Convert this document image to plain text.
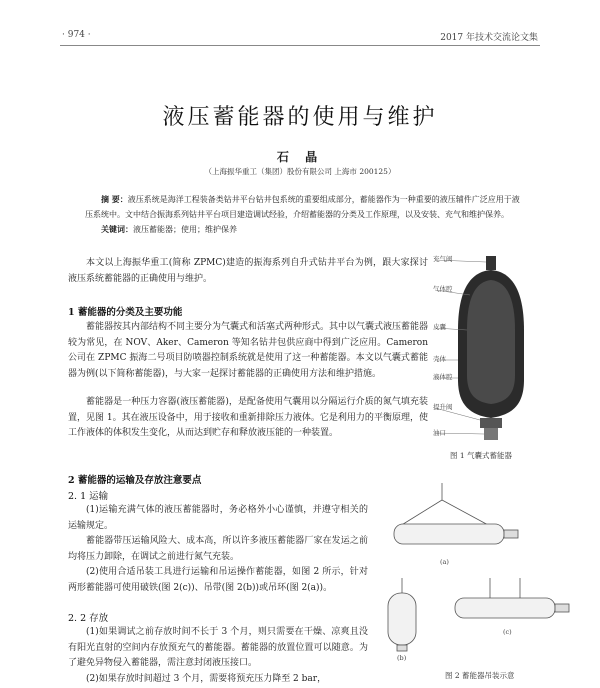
· 974 ·	2017 年技术交流论文集
液压蓄能器的使用与维护
石 晶
（上海振华重工（集团）股份有限公司 上海市 200125）
摘 要：液压系统是海洋工程装备类钻井平台钻井包系统的重要组成部分，蓄能器作为一种重要的液压辅件广泛应用于液压系统中。文中结合振海系列钻井平台项目建造调试经验，介绍蓄能器的分类及工作原理，以及安装、充气和维护保养。
关键词：液压蓄能器；使用；维护保养
本文以上海振华重工(简称 ZPMC)建造的振海系列自升式钻井平台为例，跟大家探讨液压系统蓄能器的正确使用与维护。
1 蓄能器的分类及主要功能
蓄能器按其内部结构不同主要分为气囊式和活塞式两种形式。其中以气囊式液压蓄能器较为常见，在 NOV、Aker、Cameron 等知名钻井包供应商中得到广泛应用。Cameron 公司在 ZPMC 振海二号项目防喷器控制系统就是使用了这一种蓄能器。本文以气囊式蓄能器为例(以下简称蓄能器)，与大家一起探讨蓄能器的正确使用方法和维护措施。
蓄能器是一种压力容器(液压蓄能器)，是配备使用气囊用以分隔运行介质的氮气填充装置，见图 1。其在液压设备中，用于接收和重新排除压力液体。它是利用力的平衡原理，使工作液体的体积发生变化，从而达到贮存和释放液压能的一种装置。
充气阀
气体腔
皮囊
壳体
液体腔
提升阀
油口
图 1 气囊式蓄能器
2 蓄能器的运输及存放注意要点
2. 1 运输
(1)运输充满气体的液压蓄能器时，务必格外小心谨慎，并遵守相关的运输规定。
蓄能器带压运输风险大、成本高，所以许多液压蓄能器厂家在发运之前均将压力卸除，在调试之前进行氮气充装。
(2)使用合适吊装工具进行运输和吊运操作蓄能器，如图 2 所示，针对两形蓄能器可使用破铁(图 2(c))、吊带(图 2(b))或吊环(图 2(a))。
2. 2 存放
(1)如果调试之前存放时间不长于 3 个月，则只需要在干燥、凉爽且没有阳光直射的空间内存放预充气的蓄能器。蓄能器的放置位置可以随意。为了避免异物侵入蓄能器，需注意封闭液压接口。
(2)如果存放时间超过 3 个月，需要将预充压力降至 2 bar，
(a)
(b)
(c)
图 2 蓄能器吊装示意
